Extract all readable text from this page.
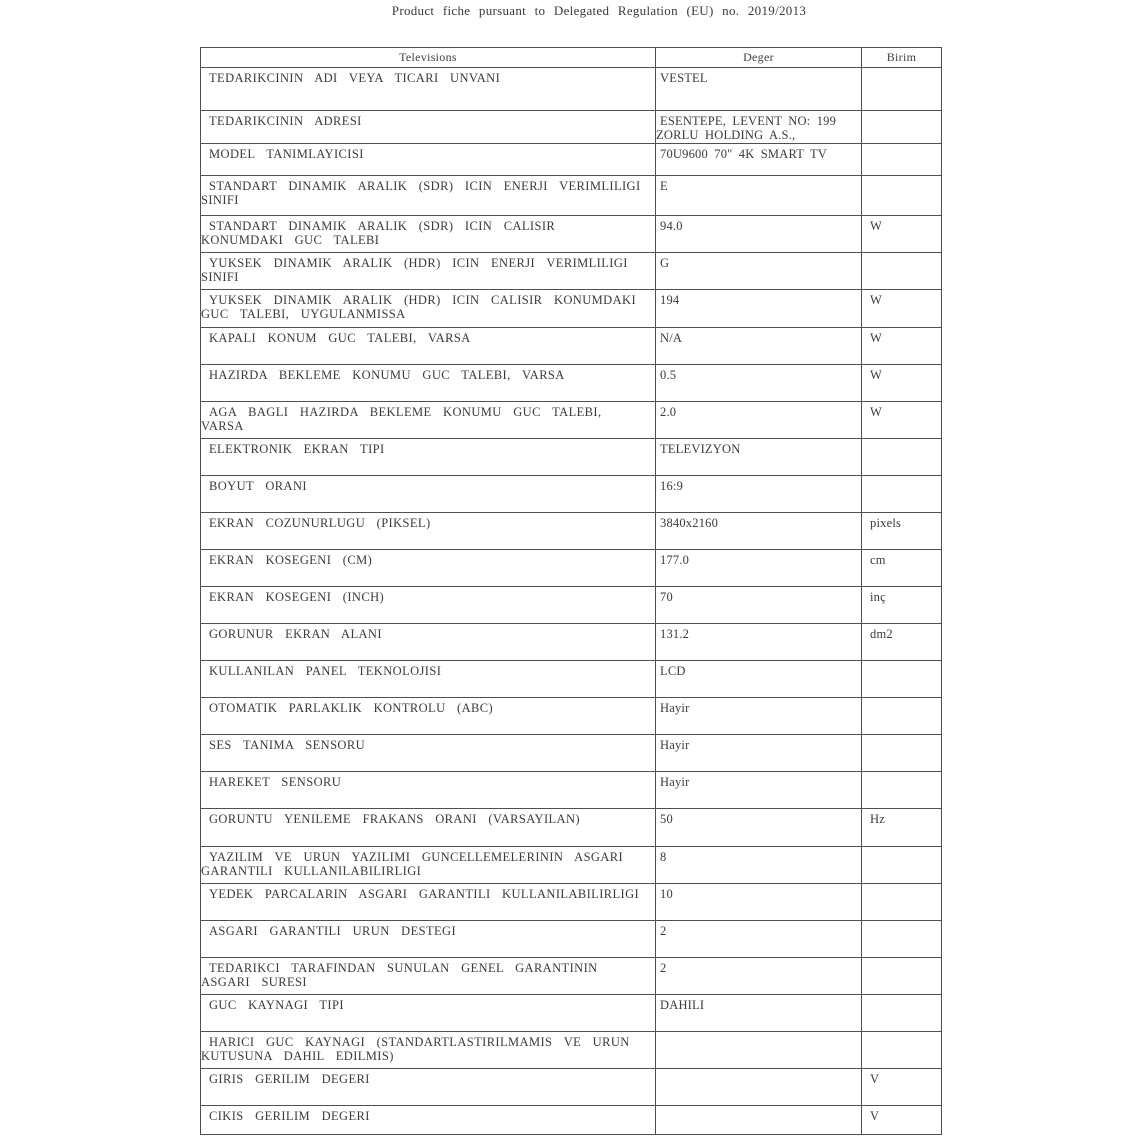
Product fiche pursuant to Delegated Regulation (EU) no. 2019/2013
Televisions	Deger	Birim
TEDARIKCININ ADI VEYA TICARI UNVANI	VESTEL	
TEDARIKCININ ADRESI	ESENTEPE, LEVENT NO: 199 ZORLU HOLDING A.S.,	
MODEL TANIMLAYICISI	70U9600 70" 4K SMART TV	
STANDART DINAMIK ARALIK (SDR) ICIN ENERJI VERIMLILIGI SINIFI	E	
STANDART DINAMIK ARALIK (SDR) ICIN CALISIR KONUMDAKI GUC TALEBI	94.0	W
YUKSEK DINAMIK ARALIK (HDR) ICIN ENERJI VERIMLILIGI SINIFI	G	
YUKSEK DINAMIK ARALIK (HDR) ICIN CALISIR KONUMDAKI GUC TALEBI, UYGULANMISSA	194	W
KAPALI KONUM GUC TALEBI, VARSA	N/A	W
HAZIRDA BEKLEME KONUMU GUC TALEBI, VARSA	0.5	W
AGA BAGLI HAZIRDA BEKLEME KONUMU GUC TALEBI, VARSA	2.0	W
ELEKTRONIK EKRAN TIPI	TELEVIZYON	
BOYUT ORANI	16:9	
EKRAN COZUNURLUGU (PIKSEL)	3840x2160	pixels
EKRAN KOSEGENI (CM)	177.0	cm
EKRAN KOSEGENI (INCH)	70	inç
GORUNUR EKRAN ALANI	131.2	dm2
KULLANILAN PANEL TEKNOLOJISI	LCD	
OTOMATIK PARLAKLIK KONTROLU (ABC)	Hayir	
SES TANIMA SENSORU	Hayir	
HAREKET SENSORU	Hayir	
GORUNTU YENILEME FRAKANS ORANI (VARSAYILAN)	50	Hz
YAZILIM VE URUN YAZILIMI GUNCELLEMELERININ ASGARI GARANTILI KULLANILABILIRLIGI	8	
YEDEK PARCALARIN ASGARI GARANTILI KULLANILABILIRLIGI	10	
ASGARI GARANTILI URUN DESTEGI	2	
TEDARIKCI TARAFINDAN SUNULAN GENEL GARANTININ ASGARI SURESI	2	
GUC KAYNAGI TIPI	DAHILI	
HARICI GUC KAYNAGI (STANDARTLASTIRILMAMIS VE URUN KUTUSUNA DAHIL EDILMIS)		
GIRIS GERILIM DEGERI		V
CIKIS GERILIM DEGERI		V
